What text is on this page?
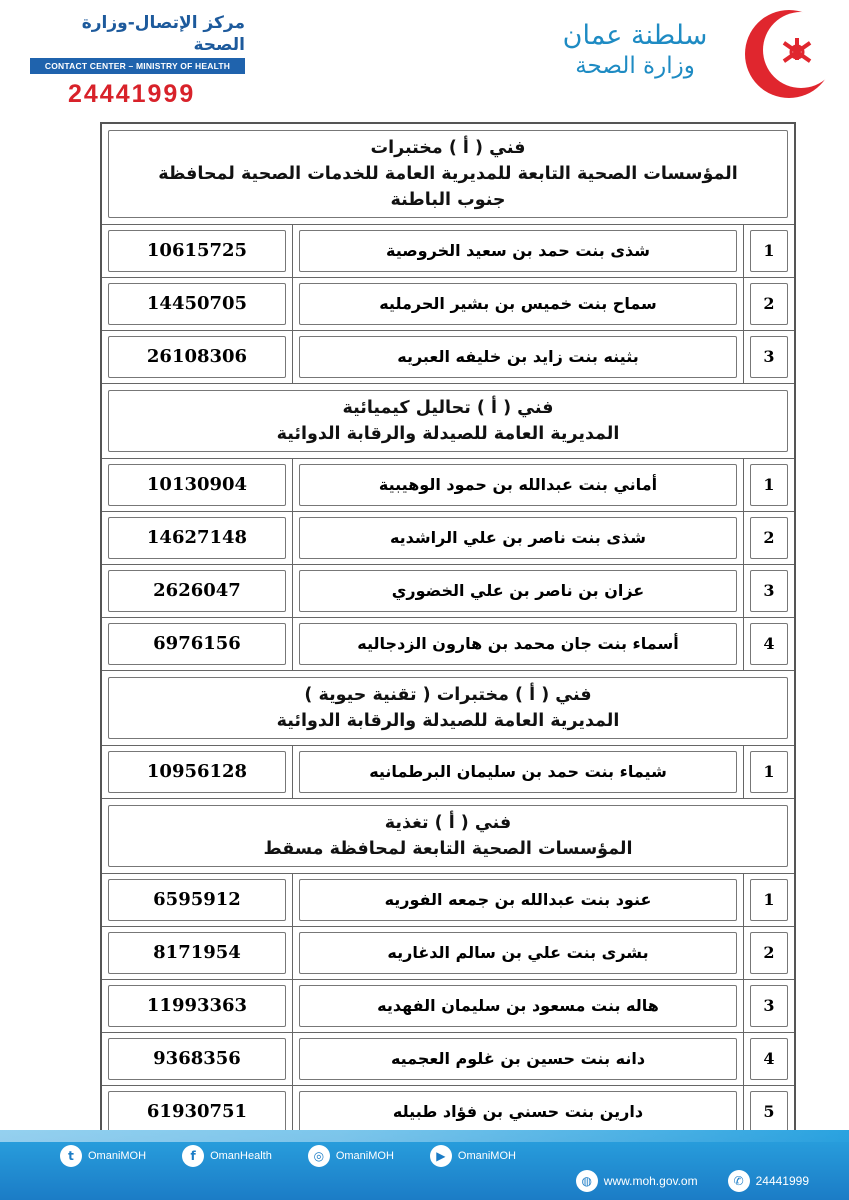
مركز الإتصال-وزارة الصحة
CONTACT CENTER – MINISTRY OF HEALTH
24441999
سلطنة عمان
وزارة الصحة
فني ( أ ) مختبرات
المؤسسات الصحية التابعة للمديرية العامة للخدمات الصحية لمحافظة
جنوب الباطنة		

1	شذى بنت حمد بن سعيد الخروصية	10615725

2	سماح بنت خميس بن بشير الحرمليه	14450705

3	بثينه بنت زايد بن خليفه العبريه	26108306

فني ( أ ) تحاليل كيميائية
المديرية العامة للصيدلة والرقابة الدوائية		

1	أماني بنت عبدالله بن حمود الوهيبية	10130904

2	شذى بنت ناصر بن علي الراشديه	14627148

3	عزان بن ناصر بن علي الخضوري	2626047

4	أسماء بنت جان محمد بن هارون الزدجاليه	6976156

فني ( أ ) مختبرات ( تقنية حيوية )
المديرية العامة للصيدلة والرقابة الدوائية		

1	شيماء بنت حمد بن سليمان البرطمانيه	10956128

فني ( أ ) تغذية
المؤسسات الصحية التابعة لمحافظة مسقط		

1	عنود بنت عبدالله بن جمعه الفوريه	6595912

2	بشرى بنت علي بن سالم الدغاريه	8171954

3	هاله بنت مسعود بن سليمان الفهديه	11993363

4	دانه بنت حسين بن غلوم العجميه	9368356

5	دارين بنت حسني بن فؤاد طبيله	61930751
t	OmaniMOH	f	OmanHealth	◎	OmaniMOH	▶	OmaniMOH
◍ www.moh.gov.om	✆ 24441999
